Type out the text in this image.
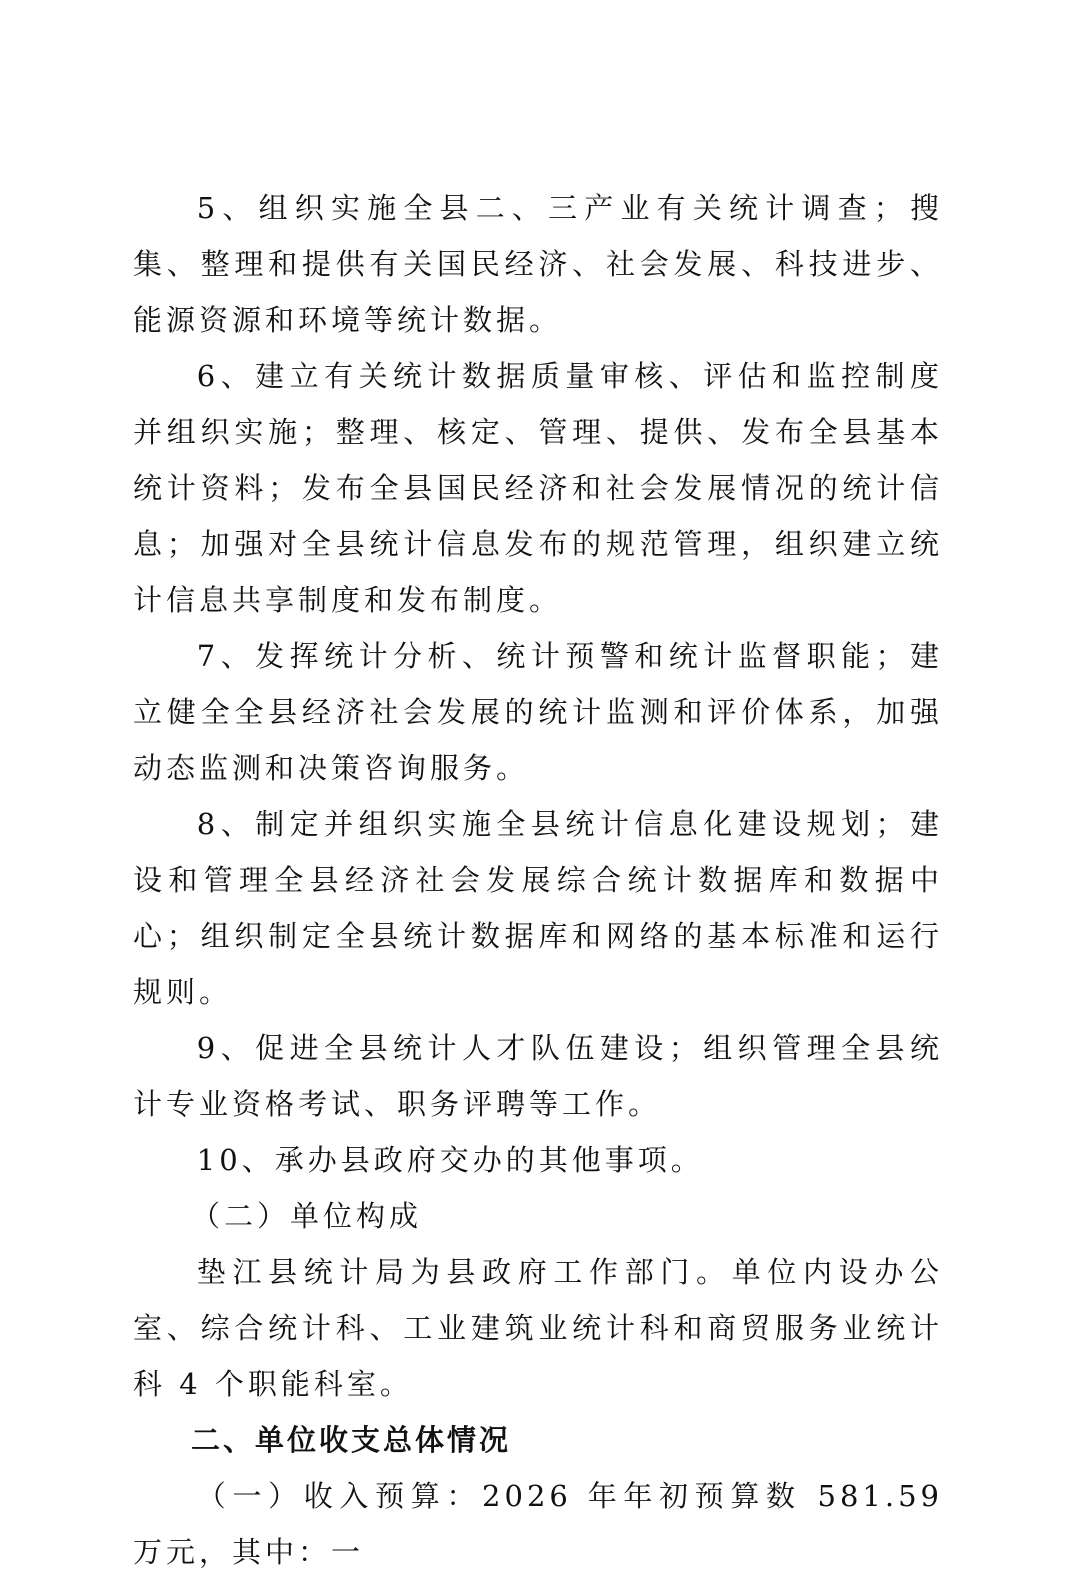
5、组织实施全县二、三产业有关统计调查；搜集、整理和提供有关国民经济、社会发展、科技进步、能源资源和环境等统计数据。

6、建立有关统计数据质量审核、评估和监控制度并组织实施；整理、核定、管理、提供、发布全县基本统计资料；发布全县国民经济和社会发展情况的统计信息；加强对全县统计信息发布的规范管理，组织建立统计信息共享制度和发布制度。

7、发挥统计分析、统计预警和统计监督职能；建立健全全县经济社会发展的统计监测和评价体系，加强动态监测和决策咨询服务。

8、制定并组织实施全县统计信息化建设规划；建设和管理全县经济社会发展综合统计数据库和数据中心；组织制定全县统计数据库和网络的基本标准和运行规则。

9、促进全县统计人才队伍建设；组织管理全县统计专业资格考试、职务评聘等工作。

10、承办县政府交办的其他事项。

（二）单位构成

垫江县统计局为县政府工作部门。单位内设办公室、综合统计科、工业建筑业统计科和商贸服务业统计科 4 个职能科室。

二、单位收支总体情况

（一）收入预算：2026 年年初预算数 581.59 万元，其中：一
